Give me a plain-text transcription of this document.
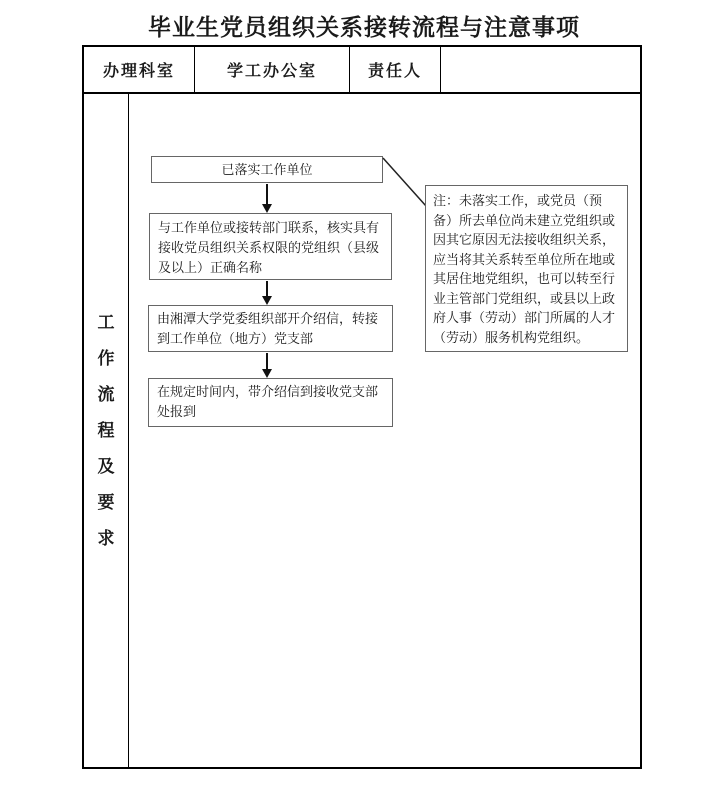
毕业生党员组织关系接转流程与注意事项
办理科室	学工办公室	责任人
工作流程及要求
已落实工作单位
与工作单位或接转部门联系，核实具有接收党员组织关系权限的党组织（县级及以上）正确名称
由湘潭大学党委组织部开介绍信，转接到工作单位（地方）党支部
在规定时间内，带介绍信到接收党支部处报到
注：未落实工作，或党员（预备）所去单位尚未建立党组织或因其它原因无法接收组织关系，应当将其关系转至单位所在地或其居住地党组织，也可以转至行业主管部门党组织，或县以上政府人事（劳动）部门所属的人才（劳动）服务机构党组织。
